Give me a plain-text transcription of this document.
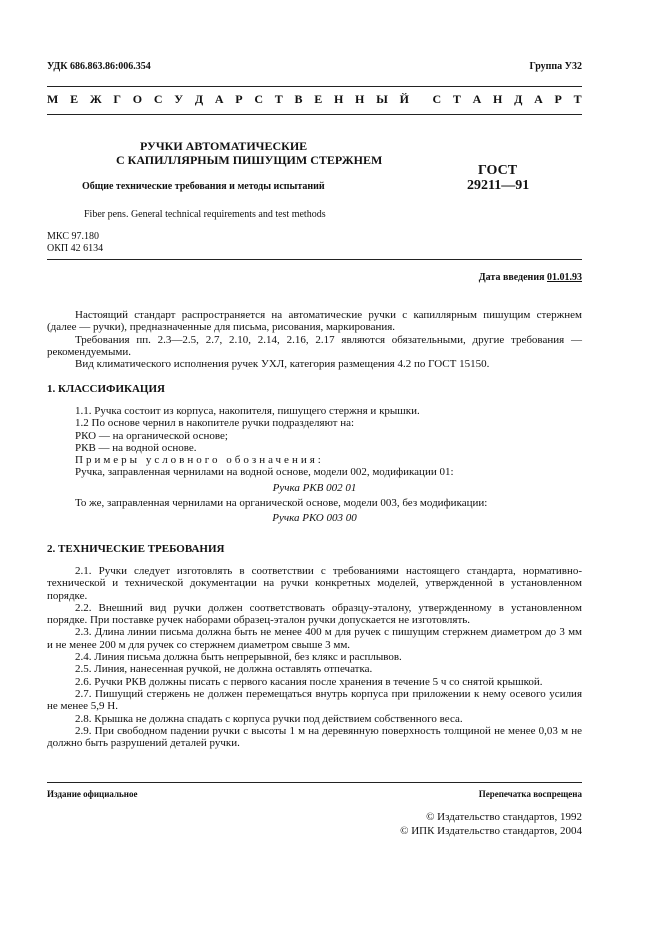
УДК 686.863.86:006.354	Группа У32
М Е Ж Г О С У Д А Р С Т В Е Н Н Ы Й С Т А Н Д А Р Т
РУЧКИ АВТОМАТИЧЕСКИЕ
С КАПИЛЛЯРНЫМ ПИШУЩИМ СТЕРЖНЕМ
Общие технические требования и методы испытаний
ГОСТ
29211—91
Fiber pens. General technical requirements and test methods
МКС 97.180
ОКП 42 6134
Дата введения 01.01.93

Настоящий стандарт распространяется на автоматические ручки с капиллярным пишущим стержнем (далее — ручки), предназначенные для письма, рисования, маркирования.

Требования пп. 2.3—2.5, 2.7, 2.10, 2.14, 2.16, 2.17 являются обязательными, другие требования — рекомендуемыми.

Вид климатического исполнения ручек УХЛ, категория размещения 4.2 по ГОСТ 15150.

1. КЛАССИФИКАЦИЯ

1.1. Ручка состоит из корпуса, накопителя, пишущего стержня и крышки.

1.2 По основе чернил в накопителе ручки подразделяют на:

РКО — на органической основе;

РКВ — на водной основе.

Примеры условного обозначения:

Ручка, заправленная чернилами на водной основе, модели 002, модификации 01:

Ручка РКВ 002 01

То же, заправленная чернилами на органической основе, модели 003, без модификации:

Ручка РКО 003 00

2. ТЕХНИЧЕСКИЕ ТРЕБОВАНИЯ

2.1. Ручки следует изготовлять в соответствии с требованиями настоящего стандарта, нормативно-технической и технической документации на ручки конкретных моделей, утвержденной в установленном порядке.

2.2. Внешний вид ручки должен соответствовать образцу-эталону, утвержденному в установленном порядке. При поставке ручек наборами образец-эталон ручки допускается не изготовлять.

2.3. Длина линии письма должна быть не менее 400 м для ручек с пишущим стержнем диаметром до 3 мм и не менее 200 м для ручек со стержнем диаметром свыше 3 мм.

2.4. Линия письма должна быть непрерывной, без клякс и расплывов.

2.5. Линия, нанесенная ручкой, не должна оставлять отпечатка.

2.6. Ручки РКВ должны писать с первого касания после хранения в течение 5 ч со снятой крышкой.

2.7. Пишущий стержень не должен перемещаться внутрь корпуса при приложении к нему осевого усилия не менее 5,9 Н.

2.8. Крышка не должна спадать с корпуса ручки под действием собственного веса.

2.9. При свободном падении ручки с высоты 1 м на деревянную поверхность толщиной не менее 0,03 м не должно быть разрушений деталей ручки.

Издание официальное	Перепечатка воспрещена
© Издательство стандартов, 1992
© ИПК Издательство стандартов, 2004
